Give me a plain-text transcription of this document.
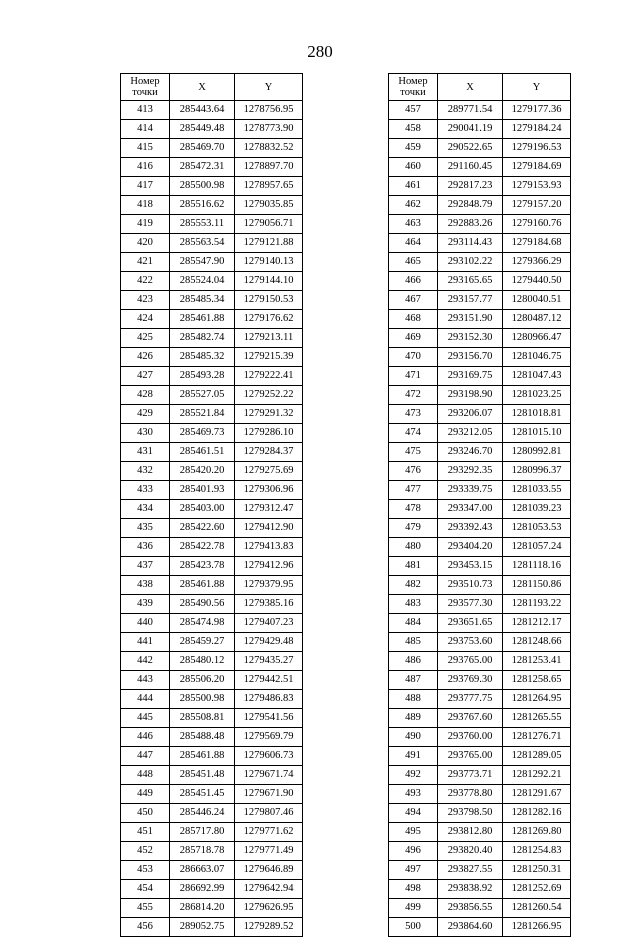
280
Номер точки	X	Y
413	285443.64	1278756.95
414	285449.48	1278773.90
415	285469.70	1278832.52
416	285472.31	1278897.70
417	285500.98	1278957.65
418	285516.62	1279035.85
419	285553.11	1279056.71
420	285563.54	1279121.88
421	285547.90	1279140.13
422	285524.04	1279144.10
423	285485.34	1279150.53
424	285461.88	1279176.62
425	285482.74	1279213.11
426	285485.32	1279215.39
427	285493.28	1279222.41
428	285527.05	1279252.22
429	285521.84	1279291.32
430	285469.73	1279286.10
431	285461.51	1279284.37
432	285420.20	1279275.69
433	285401.93	1279306.96
434	285403.00	1279312.47
435	285422.60	1279412.90
436	285422.78	1279413.83
437	285423.78	1279412.96
438	285461.88	1279379.95
439	285490.56	1279385.16
440	285474.98	1279407.23
441	285459.27	1279429.48
442	285480.12	1279435.27
443	285506.20	1279442.51
444	285500.98	1279486.83
445	285508.81	1279541.56
446	285488.48	1279569.79
447	285461.88	1279606.73
448	285451.48	1279671.74
449	285451.45	1279671.90
450	285446.24	1279807.46
451	285717.80	1279771.62
452	285718.78	1279771.49
453	286663.07	1279646.89
454	286692.99	1279642.94
455	286814.20	1279626.95
456	289052.75	1279289.52
Номер точки	X	Y
457	289771.54	1279177.36
458	290041.19	1279184.24
459	290522.65	1279196.53
460	291160.45	1279184.69
461	292817.23	1279153.93
462	292848.79	1279157.20
463	292883.26	1279160.76
464	293114.43	1279184.68
465	293102.22	1279366.29
466	293165.65	1279440.50
467	293157.77	1280040.51
468	293151.90	1280487.12
469	293152.30	1280966.47
470	293156.70	1281046.75
471	293169.75	1281047.43
472	293198.90	1281023.25
473	293206.07	1281018.81
474	293212.05	1281015.10
475	293246.70	1280992.81
476	293292.35	1280996.37
477	293339.75	1281033.55
478	293347.00	1281039.23
479	293392.43	1281053.53
480	293404.20	1281057.24
481	293453.15	1281118.16
482	293510.73	1281150.86
483	293577.30	1281193.22
484	293651.65	1281212.17
485	293753.60	1281248.66
486	293765.00	1281253.41
487	293769.30	1281258.65
488	293777.75	1281264.95
489	293767.60	1281265.55
490	293760.00	1281276.71
491	293765.00	1281289.05
492	293773.71	1281292.21
493	293778.80	1281291.67
494	293798.50	1281282.16
495	293812.80	1281269.80
496	293820.40	1281254.83
497	293827.55	1281250.31
498	293838.92	1281252.69
499	293856.55	1281260.54
500	293864.60	1281266.95
